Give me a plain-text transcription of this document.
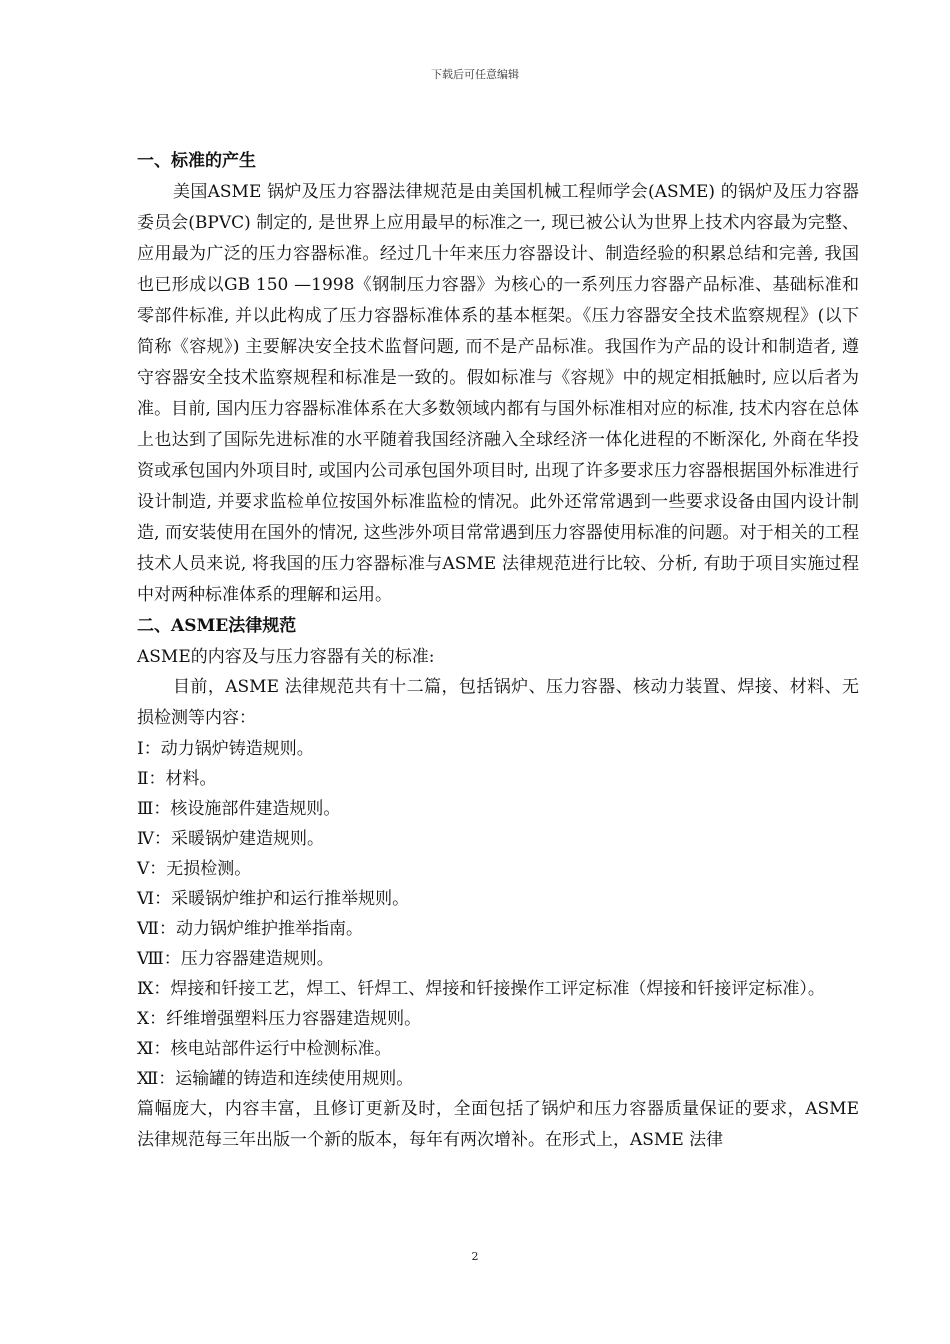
下载后可任意编辑

一、标准的产生

美国ASME 锅炉及压力容器法律规范是由美国机械工程师学会(ASME) 的锅炉及压力容器委员会(BPVC) 制定的, 是世界上应用最早的标准之一, 现已被公认为世界上技术内容最为完整、应用最为广泛的压力容器标准。经过几十年来压力容器设计、制造经验的积累总结和完善, 我国也已形成以GB 150 —1998《钢制压力容器》为核心的一系列压力容器产品标准、基础标准和零部件标准, 并以此构成了压力容器标准体系的基本框架。《压力容器安全技术监察规程》(以下简称《容规》) 主要解决安全技术监督问题, 而不是产品标准。我国作为产品的设计和制造者, 遵守容器安全技术监察规程和标准是一致的。假如标准与《容规》中的规定相抵触时, 应以后者为准。目前, 国内压力容器标准体系在大多数领域内都有与国外标准相对应的标准, 技术内容在总体上也达到了国际先进标准的水平随着我国经济融入全球经济一体化进程的不断深化, 外商在华投资或承包国内外项目时, 或国内公司承包国外项目时, 出现了许多要求压力容器根据国外标准进行设计制造, 并要求监检单位按国外标准监检的情况。此外还常常遇到一些要求设备由国内设计制造, 而安装使用在国外的情况, 这些涉外项目常常遇到压力容器使用标准的问题。对于相关的工程技术人员来说, 将我国的压力容器标准与ASME 法律规范进行比较、分析, 有助于项目实施过程中对两种标准体系的理解和运用。

二、ASME法律规范

ASME的内容及与压力容器有关的标准:

目前，ASME 法律规范共有十二篇，包括锅炉、压力容器、核动力装置、焊接、材料、无损检测等内容：

Ⅰ：动力锅炉铸造规则。

Ⅱ：材料。

Ⅲ：核设施部件建造规则。

Ⅳ：采暖锅炉建造规则。

Ⅴ：无损检测。

Ⅵ：采暖锅炉维护和运行推举规则。

Ⅶ：动力锅炉维护推举指南。

Ⅷ：压力容器建造规则。

Ⅸ：焊接和钎接工艺，焊工、钎焊工、焊接和钎接操作工评定标准（焊接和钎接评定标准）。

Ⅹ：纤维增强塑料压力容器建造规则。

Ⅺ：核电站部件运行中检测标准。

Ⅻ：运输罐的铸造和连续使用规则。

篇幅庞大，内容丰富，且修订更新及时，全面包括了锅炉和压力容器质量保证的要求，ASME 法律规范每三年出版一个新的版本，每年有两次增补。在形式上，ASME 法律

2
